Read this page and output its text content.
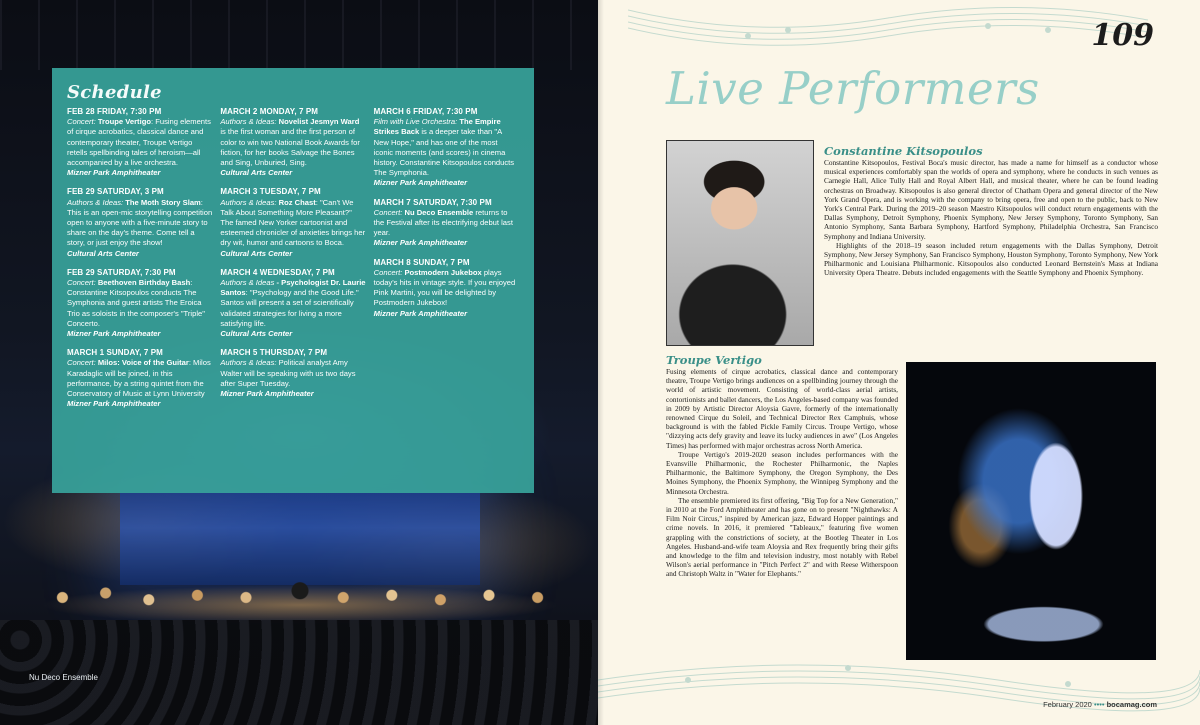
Nu Deco Ensemble
Schedule
FEB 28 FRIDAY, 7:30 PM
Concert: Troupe Vertigo: Fusing elements of cirque acrobatics, classical dance and contemporary theater, Troupe Vertigo retells spellbinding tales of heroism—all accompanied by a live orchestra.
Mizner Park Amphitheater
FEB 29 SATURDAY, 3 PM
Authors & Ideas: The Moth Story Slam: This is an open-mic storytelling competition open to anyone with a five-minute story to share on the day's theme. Come tell a story, or just enjoy the show!
Cultural Arts Center
FEB 29 SATURDAY, 7:30 PM
Concert: Beethoven Birthday Bash: Constantine Kitsopoulos conducts The Symphonia and guest artists The Eroica Trio as soloists in the composer's "Triple" Concerto.
Mizner Park Amphitheater
MARCH 1 SUNDAY, 7 PM
Concert: Milos: Voice of the Guitar: Milos Karadaglic will be joined, in this performance, by a string quintet from the Conservatory of Music at Lynn University
Mizner Park Amphitheater
MARCH 2 MONDAY, 7 PM
Authors & Ideas: Novelist Jesmyn Ward is the first woman and the first person of color to win two National Book Awards for fiction, for her books Salvage the Bones and Sing, Unburied, Sing.
Cultural Arts Center
MARCH 3 TUESDAY, 7 PM
Authors & Ideas: Roz Chast: "Can't We Talk About Something More Pleasant?" The famed New Yorker cartoonist and esteemed chronicler of anxieties brings her dry wit, humor and cartoons to Boca.
Cultural Arts Center
MARCH 4 WEDNESDAY, 7 PM
Authors & Ideas - Psychologist Dr. Laurie Santos: "Psychology and the Good Life." Santos will present a set of scientifically validated strategies for living a more satisfying life.
Cultural Arts Center
MARCH 5 THURSDAY, 7 PM
Authors & Ideas: Political analyst Amy Walter will be speaking with us two days after Super Tuesday.
Mizner Park Amphitheater
MARCH 6 FRIDAY, 7:30 PM
Film with Live Orchestra: The Empire Strikes Back is a deeper take than "A New Hope," and has one of the most iconic moments (and scores) in cinema history. Constantine Kitsopoulos conducts The Symphonia.
Mizner Park Amphitheater
MARCH 7 SATURDAY, 7:30 PM
Concert: Nu Deco Ensemble returns to the Festival after its electrifying debut last year.
Mizner Park Amphitheater
MARCH 8 SUNDAY, 7 PM
Concert: Postmodern Jukebox plays today's hits in vintage style. If you enjoyed Pink Martini, you will be delighted by Postmodern Jukebox!
Mizner Park Amphitheater
109
Live Performers
Constantine Kitsopoulos

Constantine Kitsopoulos, Festival Boca's music director, has made a name for himself as a conductor whose musical experiences comfortably span the worlds of opera and symphony, where he conducts in such venues as Carnegie Hall, Alice Tully Hall and Royal Albert Hall, and musical theater, where he can be found leading orchestras on Broadway. Kitsopoulos is also general director of Chatham Opera and general director of the New York Grand Opera, and is working with the company to bring opera, free and open to the public, back to New York's Central Park. During the 2019–20 season Maestro Kitsopoulos will conduct return engagements with the Dallas Symphony, Detroit Symphony, Phoenix Symphony, New Jersey Symphony, Toronto Symphony, San Antonio Symphony, Santa Barbara Symphony, Hartford Symphony, Philadelphia Orchestra, San Francisco Symphony and Indiana University.

Highlights of the 2018–19 season included return engagements with the Dallas Symphony, Detroit Symphony, New Jersey Symphony, San Francisco Symphony, Houston Symphony, Toronto Symphony, New York Philharmonic and Louisiana Philharmonic. Kitsopoulos also conducted Leonard Bernstein's Mass at Indiana University Opera Theatre. Debuts included engagements with the Seattle Symphony and Phoenix Symphony.

Troupe Vertigo

Fusing elements of cirque acrobatics, classical dance and contemporary theatre, Troupe Vertigo brings audiences on a spellbinding journey through the world of artistic movement. Consisting of world-class aerial artists, contortionists and ballet dancers, the Los Angeles-based company was founded in 2009 by Artistic Director Aloysia Gavre, formerly of the internationally renowned Cirque du Soleil, and Technical Director Rex Camphuis, whose background is with the fabled Pickle Family Circus. Troupe Vertigo, whose "dizzying acts defy gravity and leave its lucky audiences in awe" (Los Angeles Times) has performed with major orchestras across North America.

Troupe Vertigo's 2019-2020 season includes performances with the Evansville Philharmonic, the Rochester Philharmonic, the Naples Philharmonic, the Baltimore Symphony, the Oregon Symphony, the Des Moines Symphony, the Phoenix Symphony, the Winnipeg Symphony and the Minnesota Orchestra.

The ensemble premiered its first offering, "Big Top for a New Generation," in 2010 at the Ford Amphitheater and has gone on to present "Nighthawks: A Film Noir Circus," inspired by American jazz, Edward Hopper paintings and crime novels. In 2016, it premiered "Tableaux," featuring five women grappling with the constrictions of society, at the Bootleg Theater in Los Angeles. Husband-and-wife team Aloysia and Rex frequently bring their gifts and knowledge to the film and television industry, most notably with Rebel Wilson's aerial performance in "Pitch Perfect 2" and with Reese Witherspoon and Christoph Waltz in "Water for Elephants."

February 2020 •••• bocamag.com
